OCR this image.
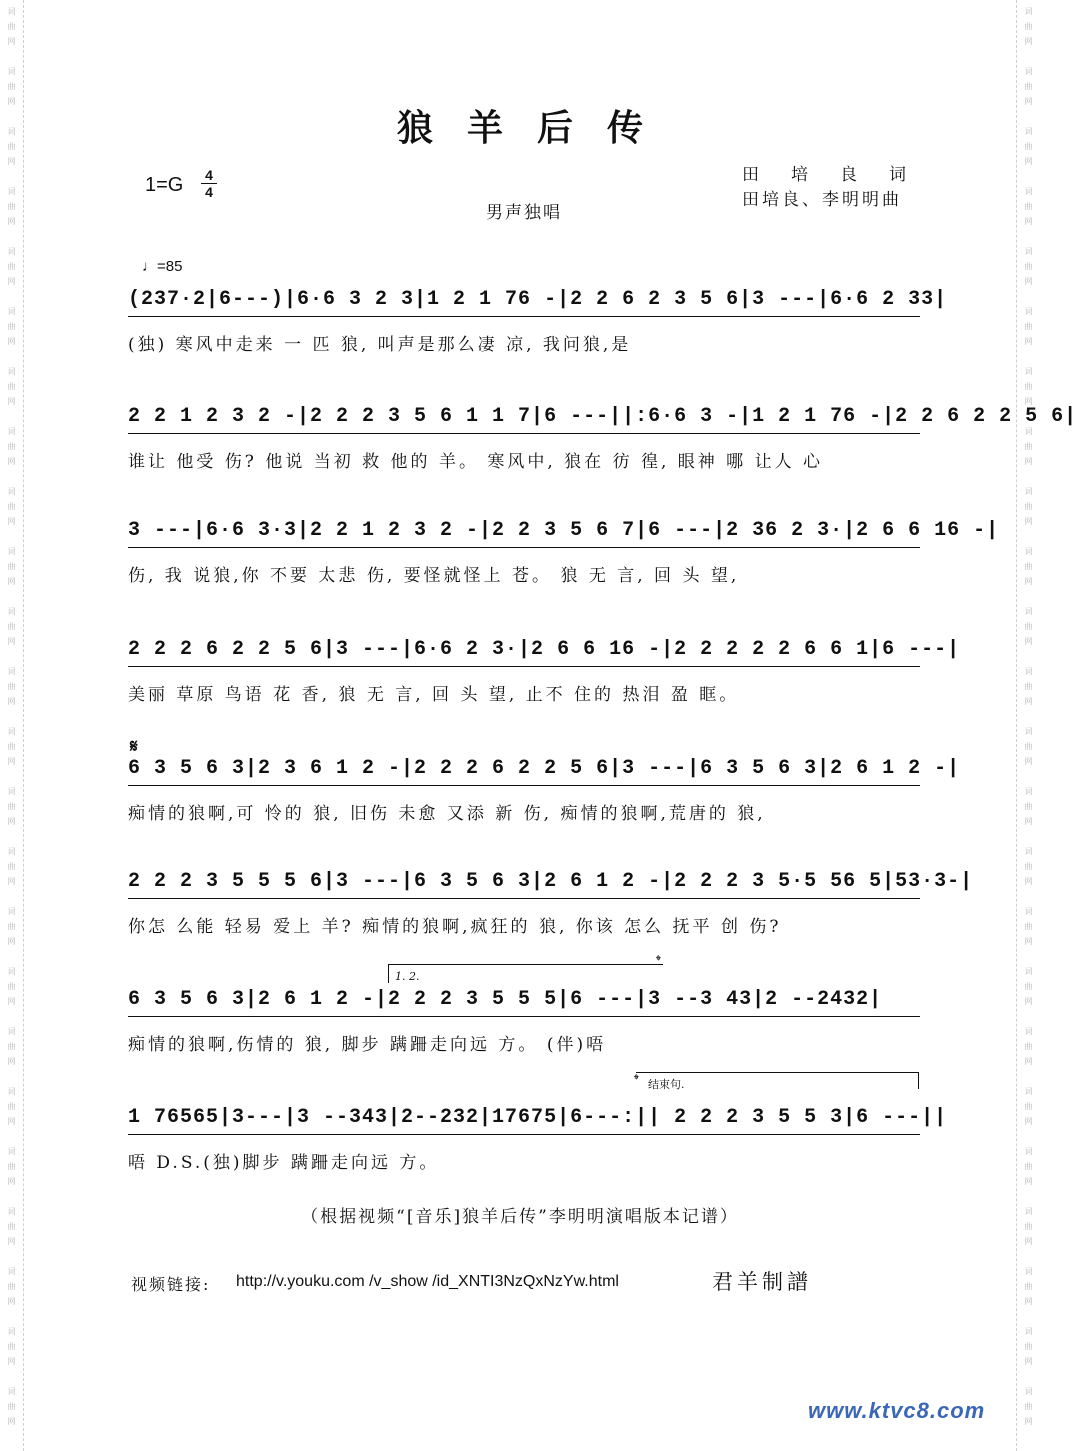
词
曲
网
词
曲
网
词
曲
网
词
曲
网
词
曲
网
词
曲
网
词
曲
网
词
曲
网
词
曲
网
词
曲
网
词
曲
网
词
曲
网
词
曲
网
词
曲
网
词
曲
网
词
曲
网
词
曲
网
词
曲
网
词
曲
网
词
曲
网
词
曲
网
词
曲
网
词
曲
网
词
曲
网
词
曲
网
词
曲
网
词
曲
网
词
曲
网
词
曲
网
词
曲
网
词
曲
网
词
曲
网
词
曲
网
词
曲
网
词
曲
网
词
曲
网
词
曲
网
词
曲
网
词
曲
网
词
曲
网
词
曲
网
词
曲
网
词
曲
网
词
曲
网
词
曲
网
词
曲
网
词
曲
网
词
曲
网
狼羊后传
1=G 4
4
男声独唱
田培良词
田培良、李明明曲
♩=85
(237·2|6---)|6·6 3 2 3|1 2 1 76 -|2 2 6 2 3 5 6|3 ---|6·6 2 33|
(独) 寒风中走来 一 匹 狼, 叫声是那么凄 凉, 我问狼,是
2 2 1 2 3 2 -|2 2 2 3 5 6 1 1 7|6 ---||:6·6 3 -|1 2 1 76 -|2 2 6 2 2 5 6|
谁让 他受 伤? 他说 当初 救 他的 羊。 寒风中, 狼在 彷 徨, 眼神 哪 让人 心
3 ---|6·6 3·3|2 2 1 2 3 2 -|2 2 3 5 6 7|6 ---|2 36 2 3·|2 6 6 16 -|
伤, 我 说狼,你 不要 太悲 伤, 要怪就怪上 苍。 狼 无 言, 回 头 望,
2 2 2 6 2 2 5 6|3 ---|6·6 2 3·|2 6 6 16 -|2 2 2 2 2 6 6 1|6 ---|
美丽 草原 鸟语 花 香, 狼 无 言, 回 头 望, 止不 住的 热泪 盈 眶。
𝄋
6 3 5 6 3|2 3 6 1 2 -|2 2 2 6 2 2 5 6|3 ---|6 3 5 6 3|2 6 1 2 -|
痴情的狼啊,可 怜的 狼, 旧伤 未愈 又添 新 伤, 痴情的狼啊,荒唐的 狼,
2 2 2 3 5 5 5 6|3 ---|6 3 5 6 3|2 6 1 2 -|2 2 2 3 5·5 56 5|53·3-|
你怎 么能 轻易 爱上 羊? 痴情的狼啊,疯狂的 狼, 你该 怎么 抚平 创 伤?
1. 2.
𝄌
6 3 5 6 3|2 6 1 2 -|2 2 2 3 5 5 5|6 ---|3 --3 43|2 --2432|
痴情的狼啊,伤情的 狼, 脚步 蹒跚走向远 方。 (伴)唔
结束句.
𝄌
1 76565|3---|3 --343|2--232|17675|6---:|| 2 2 2 3 5 5 3|6 ---||
唔 D.S.(独)脚步 蹒跚走向远 方。
（根据视频“[音乐]狼羊后传”李明明演唱版本记谱）
视频链接: http://v.youku.com /v_show /id_XNTI3NzQxNzYw.html	君羊制譜
www.ktvc8.com
